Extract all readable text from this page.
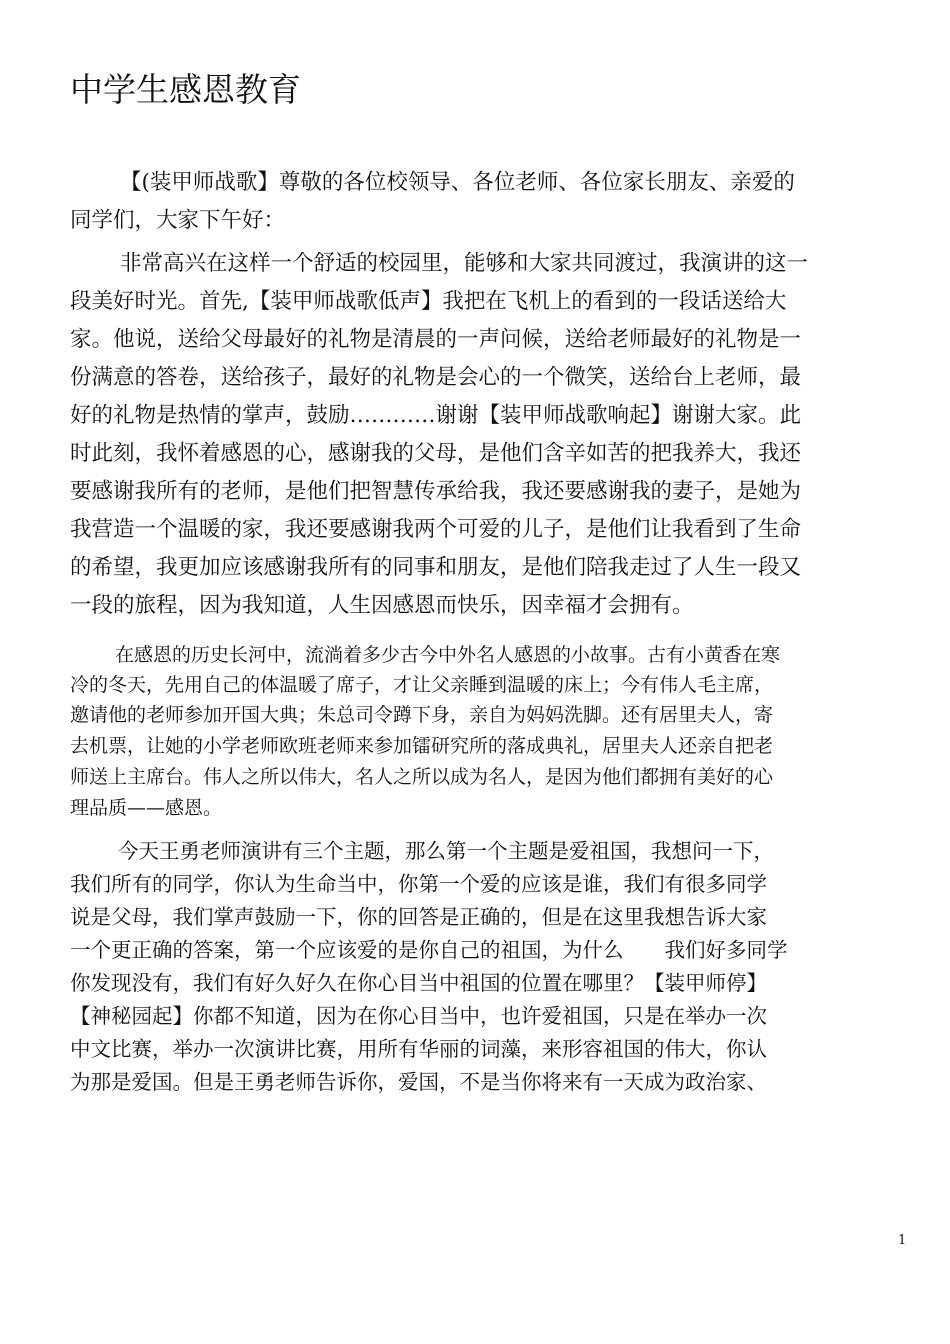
中学生感恩教育
【(装甲师战歌】尊敬的各位校领导、各位老师、各位家长朋友、亲爱的
同学们，大家下午好：
非常高兴在这样一个舒适的校园里，能够和大家共同渡过，我演讲的这一
段美好时光。首先,【装甲师战歌低声】我把在飞机上的看到的一段话送给大
家。他说，送给父母最好的礼物是清晨的一声问候，送给老师最好的礼物是一
份满意的答卷，送给孩子，最好的礼物是会心的一个微笑，送给台上老师，最
好的礼物是热情的掌声，鼓励…………谢谢【装甲师战歌响起】谢谢大家。此
时此刻，我怀着感恩的心，感谢我的父母，是他们含辛如苦的把我养大，我还
要感谢我所有的老师，是他们把智慧传承给我，我还要感谢我的妻子，是她为
我营造一个温暖的家，我还要感谢我两个可爱的儿子，是他们让我看到了生命
的希望，我更加应该感谢我所有的同事和朋友，是他们陪我走过了人生一段又
一段的旅程，因为我知道，人生因感恩而快乐，因幸福才会拥有。
在感恩的历史长河中，流淌着多少古今中外名人感恩的小故事。古有小黄香在寒
冷的冬天，先用自己的体温暖了席子，才让父亲睡到温暖的床上；今有伟人毛主席，
邀请他的老师参加开国大典；朱总司令蹲下身，亲自为妈妈洗脚。还有居里夫人，寄
去机票，让她的小学老师欧班老师来参加镭研究所的落成典礼，居里夫人还亲自把老
师送上主席台。伟人之所以伟大，名人之所以成为名人，是因为他们都拥有美好的心
理品质——感恩。
今天王勇老师演讲有三个主题，那么第一个主题是爱祖国，我想问一下，
我们所有的同学，你认为生命当中，你第一个爱的应该是谁，我们有很多同学
说是父母，我们掌声鼓励一下，你的回答是正确的，但是在这里我想告诉大家
一个更正确的答案，第一个应该爱的是你自己的祖国，为什么　　我们好多同学
你发现没有，我们有好久好久在你心目当中祖国的位置在哪里？【装甲师停】
【神秘园起】你都不知道，因为在你心目当中，也许爱祖国，只是在举办一次
中文比赛，举办一次演讲比赛，用所有华丽的词藻，来形容祖国的伟大，你认
为那是爱国。但是王勇老师告诉你，爱国，不是当你将来有一天成为政治家、
1
